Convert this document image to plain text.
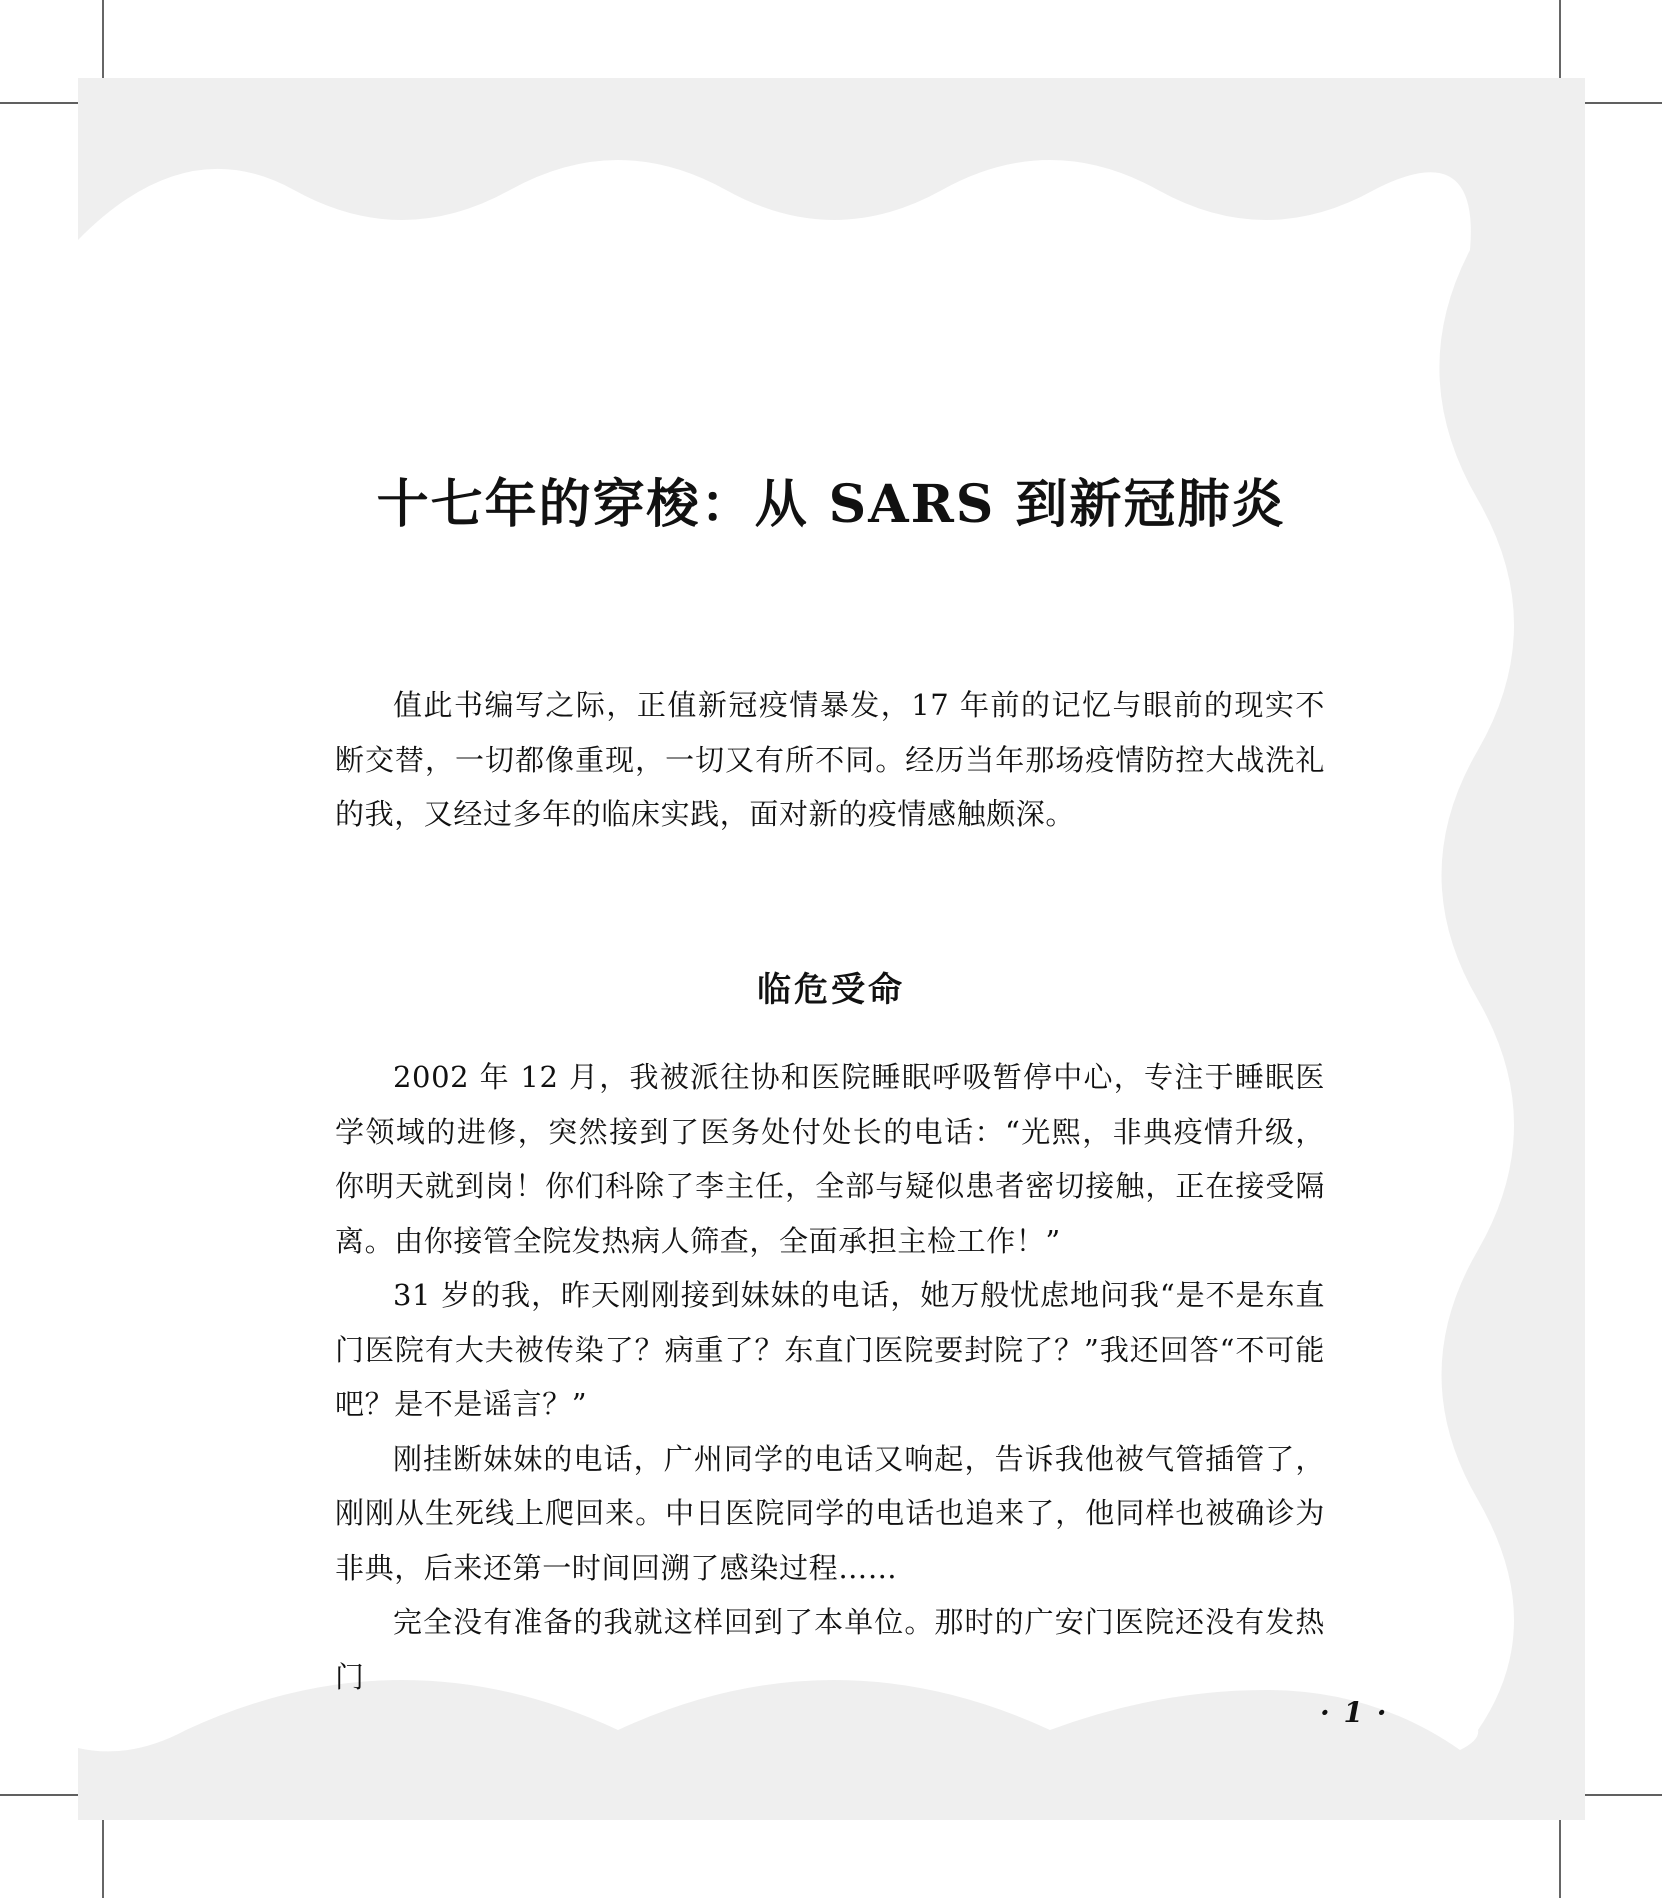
十七年的穿梭：从 SARS 到新冠肺炎

值此书编写之际，正值新冠疫情暴发，17 年前的记忆与眼前的现实不断交替，一切都像重现，一切又有所不同。经历当年那场疫情防控大战洗礼的我，又经过多年的临床实践，面对新的疫情感触颇深。

临危受命

2002 年 12 月，我被派往协和医院睡眠呼吸暂停中心，专注于睡眠医学领域的进修，突然接到了医务处付处长的电话：“光熙，非典疫情升级，你明天就到岗！你们科除了李主任，全部与疑似患者密切接触，正在接受隔离。由你接管全院发热病人筛查，全面承担主检工作！”

31 岁的我，昨天刚刚接到妹妹的电话，她万般忧虑地问我“是不是东直门医院有大夫被传染了？病重了？东直门医院要封院了？”我还回答“不可能吧？是不是谣言？”

刚挂断妹妹的电话，广州同学的电话又响起，告诉我他被气管插管了，刚刚从生死线上爬回来。中日医院同学的电话也追来了，他同样也被确诊为非典，后来还第一时间回溯了感染过程……

完全没有准备的我就这样回到了本单位。那时的广安门医院还没有发热门

· 1 ·
